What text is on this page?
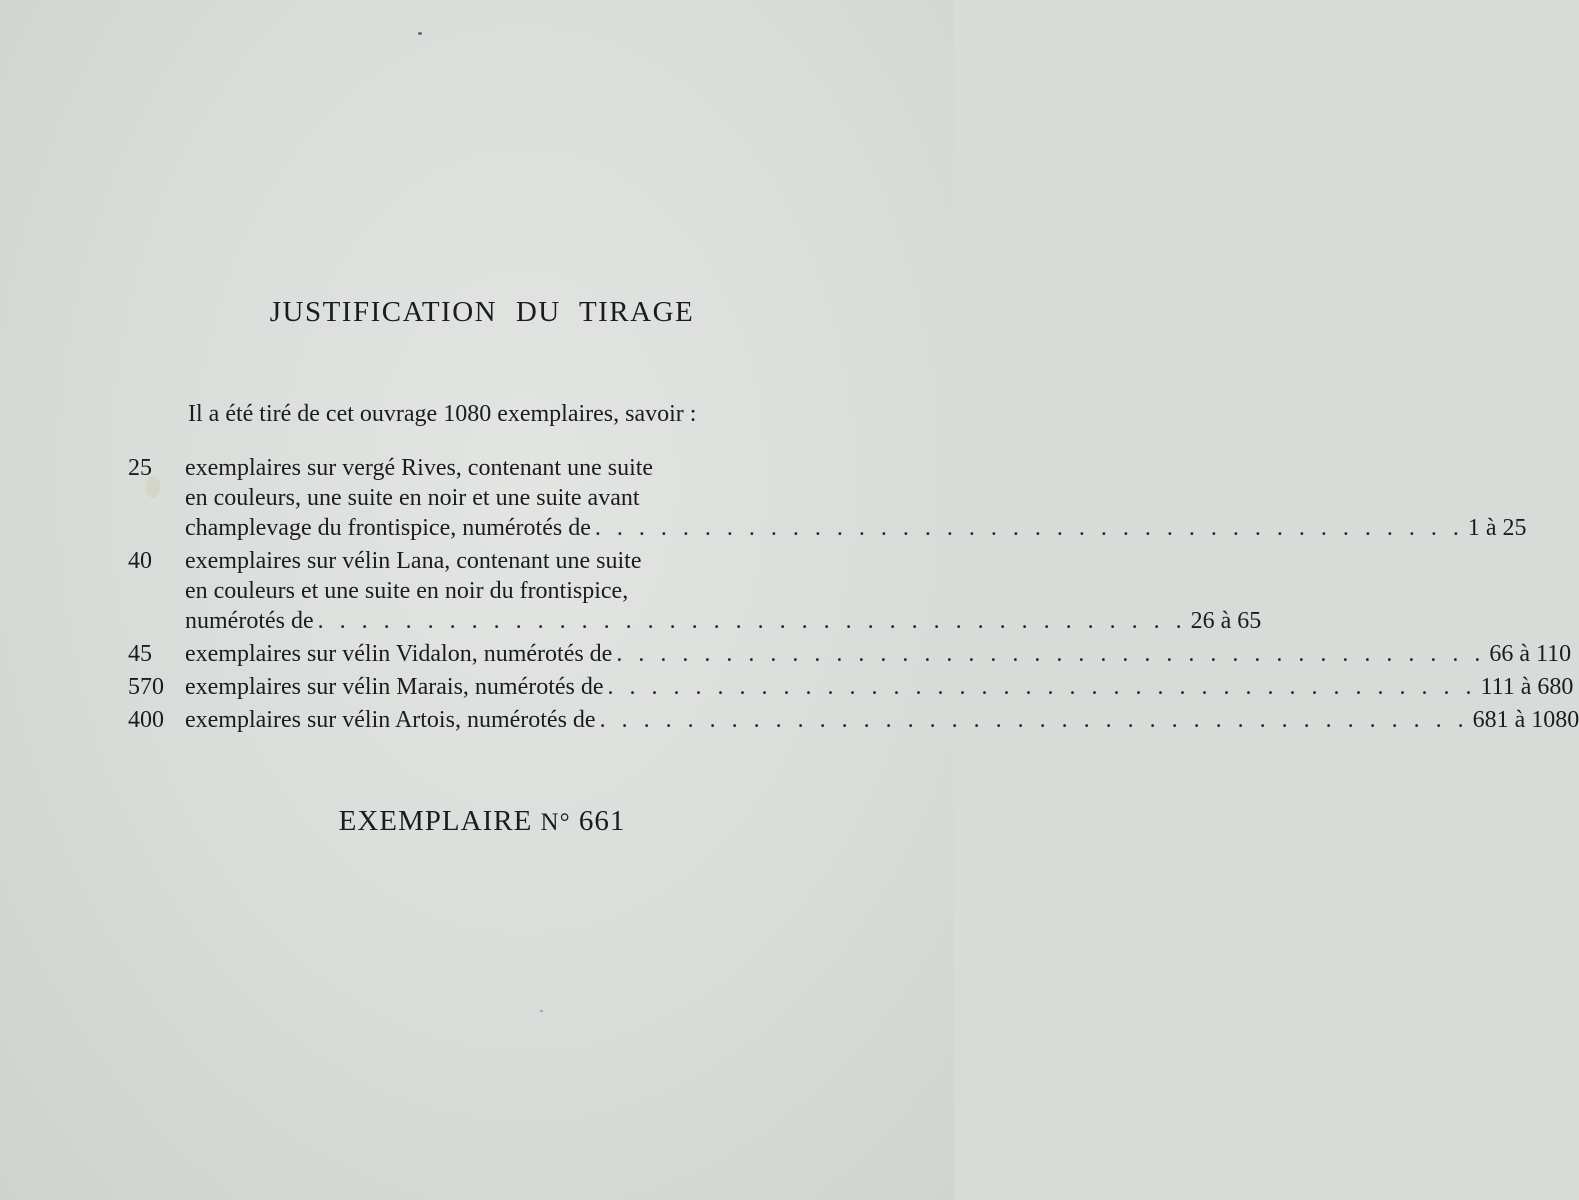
JUSTIFICATION DU TIRAGE
Il a été tiré de cet ouvrage 1080 exemplaires, savoir :
25	exemplaires sur vergé Rives, contenant une suite
en couleurs, une suite en noir et une suite avant
champlevage du frontispice, numérotés de . . . . . . . . . . . . . . . . . . . . . . . . . . . . . . . . . . . . . . . . 1 à 25
40	exemplaires sur vélin Lana, contenant une suite
en couleurs et une suite en noir du frontispice,
numérotés de . . . . . . . . . . . . . . . . . . . . . . . . . . . . . . . . . . . . . . . . 26 à 65
45	exemplaires sur vélin Vidalon, numérotés de . . . . . . . . . . . . . . . . . . . . . . . . . . . . . . . . . . . . . . . . 66 à 110
570 exemplaires sur vélin Marais, numérotés de . . . . . . . . . . . . . . . . . . . . . . . . . . . . . . . . . . . . . . . . 111 à 680
400 exemplaires sur vélin Artois, numérotés de . . . . . . . . . . . . . . . . . . . . . . . . . . . . . . . . . . . . . . . . 681 à 1080
EXEMPLAIRE N° 661
